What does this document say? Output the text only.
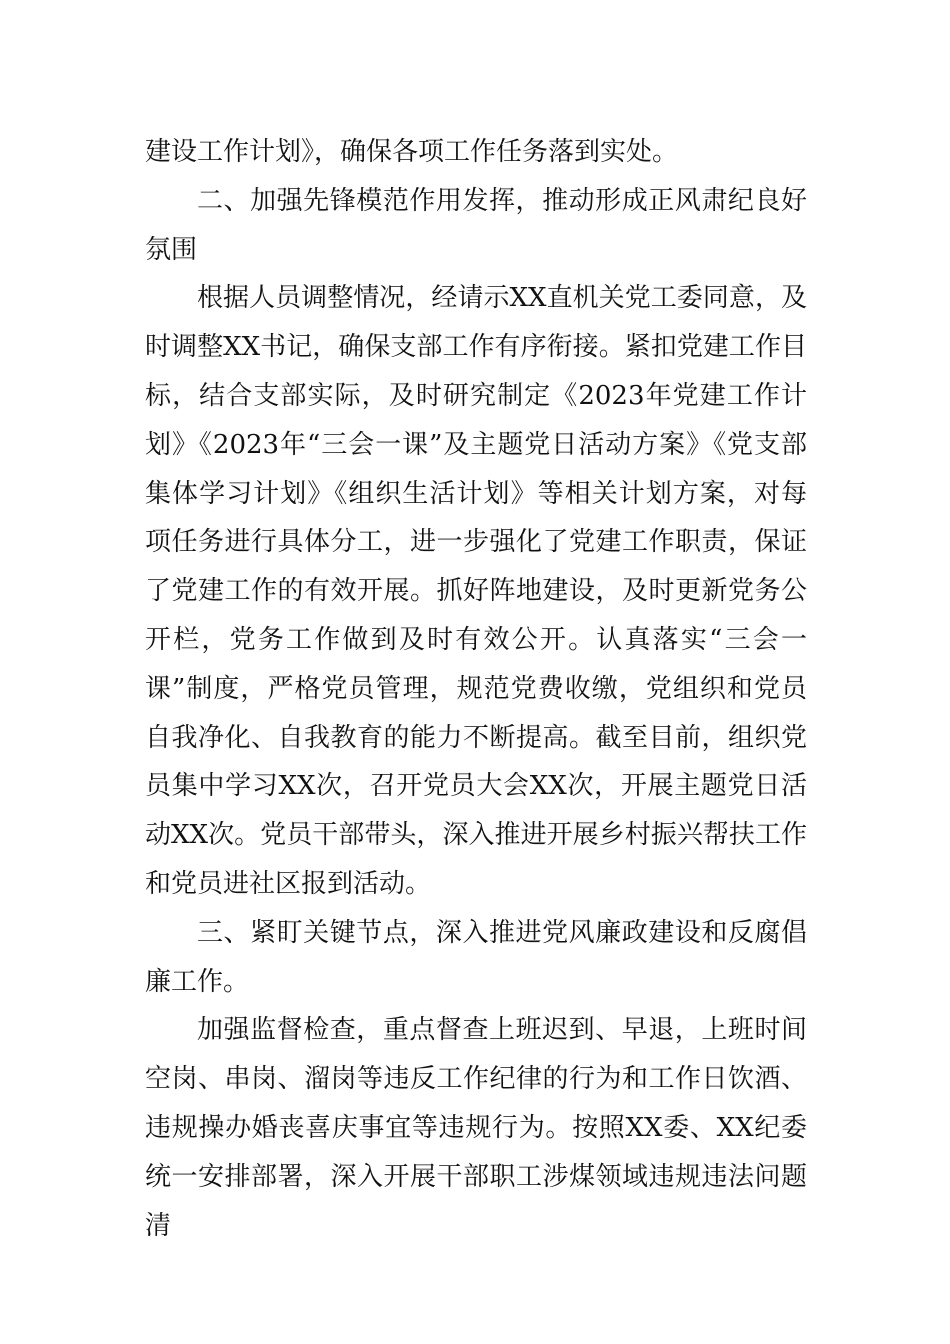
建设工作计划》，确保各项工作任务落到实处。

二、加强先锋模范作用发挥，推动形成正风肃纪良好氛围

根据人员调整情况，经请示XX直机关党工委同意，及时调整XX书记，确保支部工作有序衔接。紧扣党建工作目标，结合支部实际，及时研究制定《2023年党建工作计划》《2023年“三会一课”及主题党日活动方案》《党支部集体学习计划》《组织生活计划》等相关计划方案，对每项任务进行具体分工，进一步强化了党建工作职责，保证了党建工作的有效开展。抓好阵地建设，及时更新党务公开栏，党务工作做到及时有效公开。认真落实“三会一课”制度，严格党员管理，规范党费收缴，党组织和党员自我净化、自我教育的能力不断提高。截至目前，组织党员集中学习XX次，召开党员大会XX次，开展主题党日活动XX次。党员干部带头，深入推进开展乡村振兴帮扶工作和党员进社区报到活动。

三、紧盯关键节点，深入推进党风廉政建设和反腐倡廉工作。

加强监督检查，重点督查上班迟到、早退，上班时间空岗、串岗、溜岗等违反工作纪律的行为和工作日饮酒、违规操办婚丧喜庆事宜等违规行为。按照XX委、XX纪委统一安排部署，深入开展干部职工涉煤领域违规违法问题清
